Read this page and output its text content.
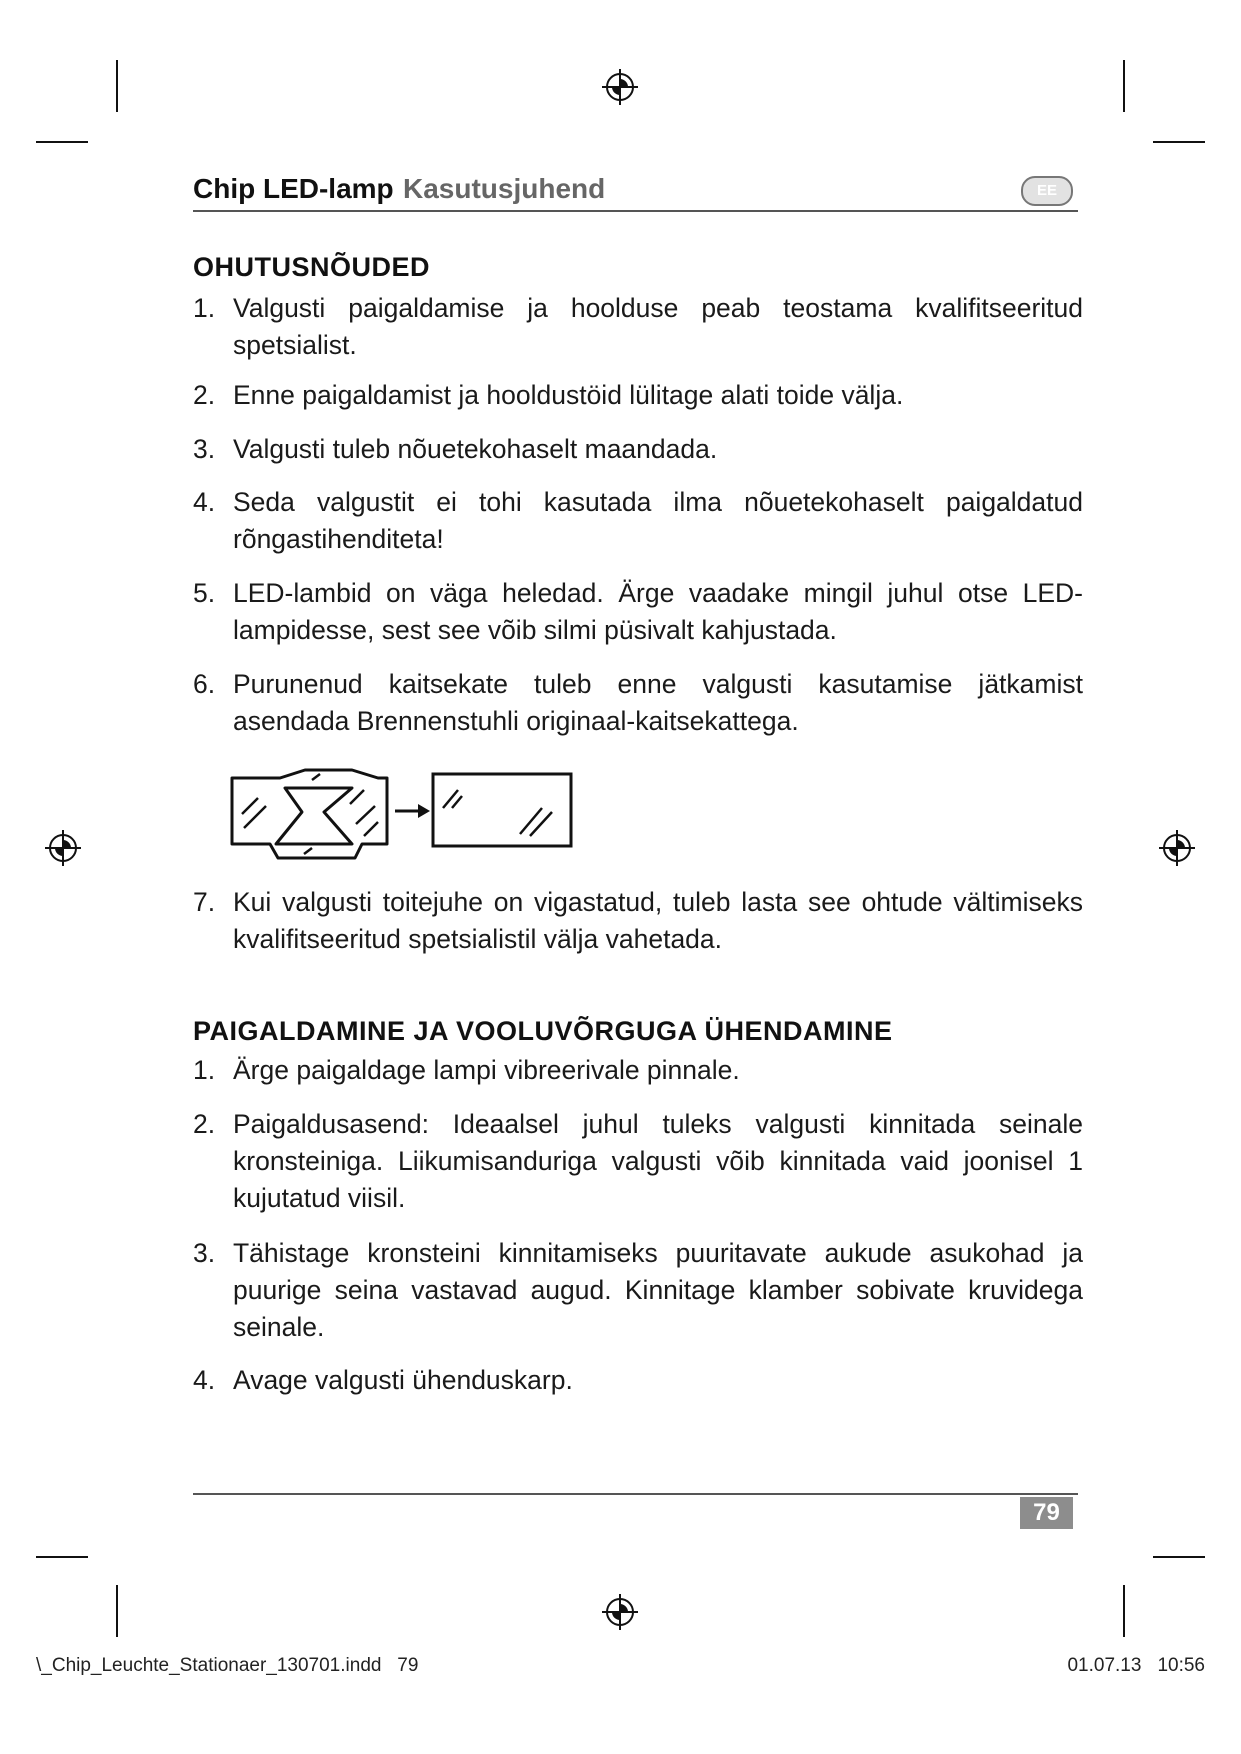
Chip LED-lamp Kasutusjuhend	EE
OHUTUSNÕUDED
1. Valgusti paigaldamise ja hoolduse peab teostama kvalifitseeritud spetsialist.
2. Enne paigaldamist ja hooldustöid lülitage alati toide välja.
3. Valgusti tuleb nõuetekohaselt maandada.
4. Seda valgustit ei tohi kasutada ilma nõuetekohaselt paigaldatud rõngastihenditeta!
5. LED-lambid on väga heledad. Ärge vaadake mingil juhul otse LED-lampidesse, sest see võib silmi püsivalt kahjustada.
6. Purunenud kaitsekate tuleb enne valgusti kasutamise jätkamist asendada Brennenstuhli originaal-kaitsekattega.
7. Kui valgusti toitejuhe on vigastatud, tuleb lasta see ohtude vältimiseks kvalifitseeritud spetsialistil välja vahetada.
PAIGALDAMINE JA VOOLUVÕRGUGA ÜHENDAMINE
1. Ärge paigaldage lampi vibreerivale pinnale.
2. Paigaldusasend: Ideaalsel juhul tuleks valgusti kinnitada seinale kronsteiniga. Liikumisanduriga valgusti võib kinnitada vaid joonisel 1 kujutatud viisil.
3. Tähistage kronsteini kinnitamiseks puuritavate aukude asukohad ja puurige seina vastavad augud. Kinnitage klamber sobivate kruvidega seinale.
4. Avage valgusti ühenduskarp.
79
\_Chip_Leuchte_Stationaer_130701.indd 79	01.07.13 10:56
